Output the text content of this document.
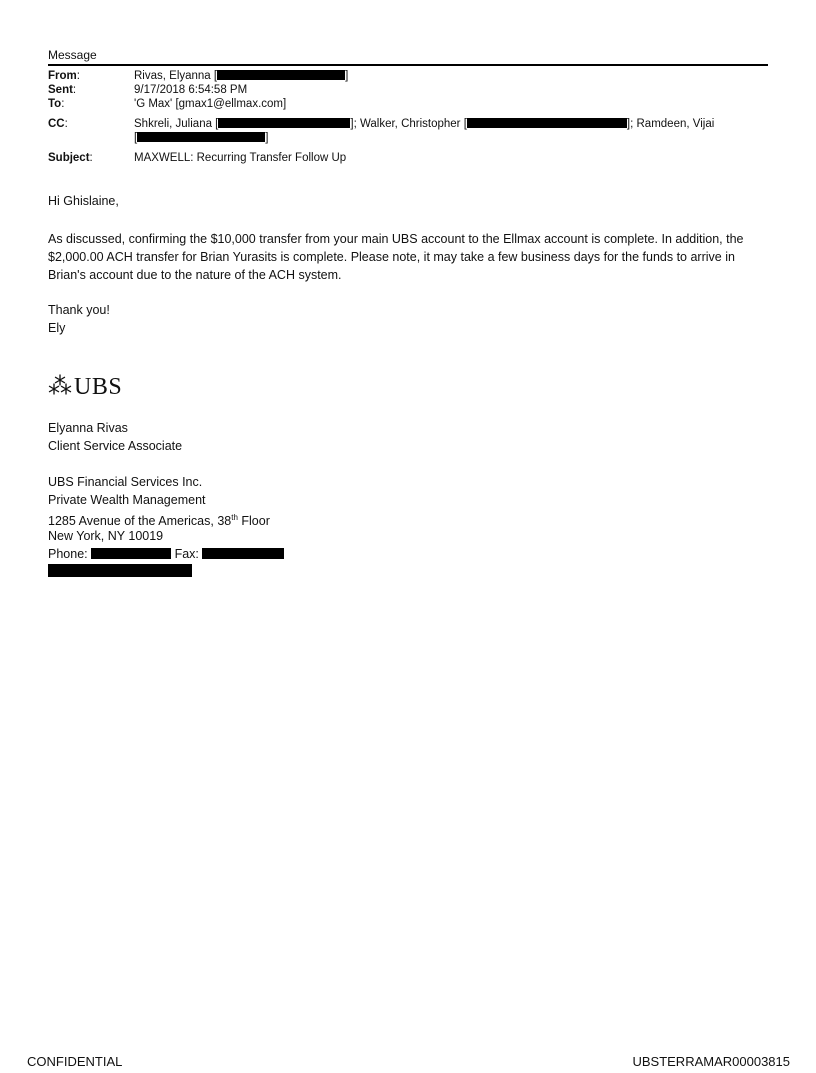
Message
From:	Rivas, Elyanna [	]
Sent:	9/17/2018 6:54:58 PM
To:	'G Max' [gmax1@ellmax.com]
CC:	Shkreli, Juliana [	]; Walker, Christopher [	]; Ramdeen, Vijai
[	]
Subject:	MAXWELL: Recurring Transfer Follow Up
Hi Ghislaine,
As discussed, confirming the $10,000 transfer from your main UBS account to the Ellmax account is complete. In addition, the $2,000.00 ACH transfer for Brian Yurasits is complete. Please note, it may take a few business days for the funds to arrive in Brian's account due to the nature of the ACH system.
Thank you!
Ely
⁂ UBS
Elyanna Rivas
Client Service Associate
UBS Financial Services Inc.
Private Wealth Management
1285 Avenue of the Americas, 38th Floor
New York, NY 10019
Phone:	Fax:
CONFIDENTIAL	UBSTERRAMAR00003815
